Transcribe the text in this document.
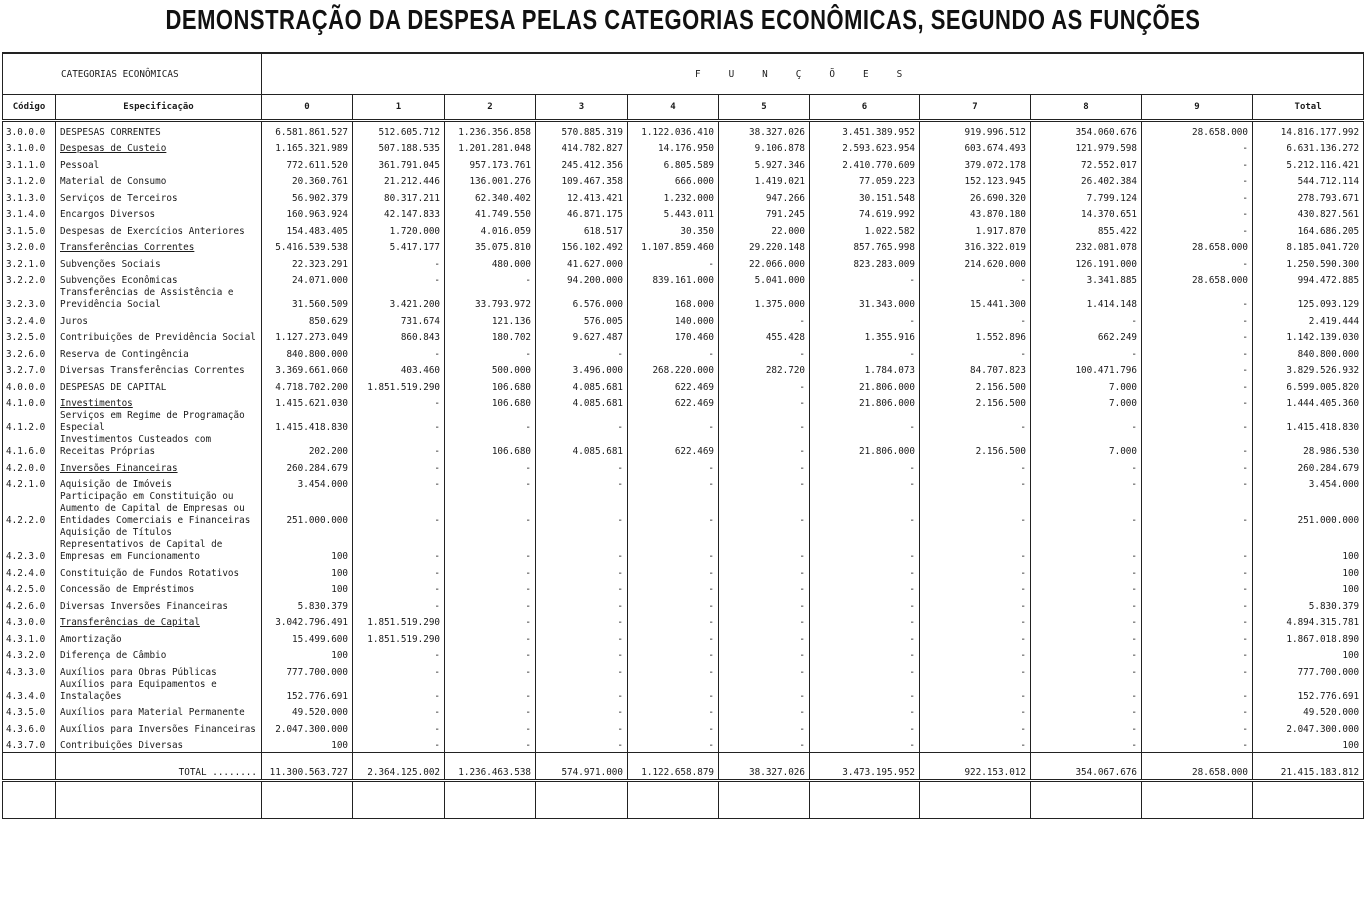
DEMONSTRAÇÃO DA DESPESA PELAS CATEGORIAS ECONÔMICAS, SEGUNDO AS FUNÇÕES
CATEGORIAS ECONÔMICAS		FUNÇÕES										
Código	Especificação	0	1	2	3	4	5	6	7	8	9	Total
3.0.0.0	DESPESAS CORRENTES	6.581.861.527	512.605.712	1.236.356.858	570.885.319	1.122.036.410	38.327.026	3.451.389.952	919.996.512	354.060.676	28.658.000	14.816.177.992
3.1.0.0	Despesas de Custeio	1.165.321.989	507.188.535	1.201.281.048	414.782.827	14.176.950	9.106.878	2.593.623.954	603.674.493	121.979.598	-	6.631.136.272
3.1.1.0	Pessoal	772.611.520	361.791.045	957.173.761	245.412.356	6.805.589	5.927.346	2.410.770.609	379.072.178	72.552.017	-	5.212.116.421
3.1.2.0	Material de Consumo	20.360.761	21.212.446	136.001.276	109.467.358	666.000	1.419.021	77.059.223	152.123.945	26.402.384	-	544.712.114
3.1.3.0	Serviços de Terceiros	56.902.379	80.317.211	62.340.402	12.413.421	1.232.000	947.266	30.151.548	26.690.320	7.799.124	-	278.793.671
3.1.4.0	Encargos Diversos	160.963.924	42.147.833	41.749.550	46.871.175	5.443.011	791.245	74.619.992	43.870.180	14.370.651	-	430.827.561
3.1.5.0	Despesas de Exercícios Anteriores	154.483.405	1.720.000	4.016.059	618.517	30.350	22.000	1.022.582	1.917.870	855.422	-	164.686.205
3.2.0.0	Transferências Correntes	5.416.539.538	5.417.177	35.075.810	156.102.492	1.107.859.460	29.220.148	857.765.998	316.322.019	232.081.078	28.658.000	8.185.041.720
3.2.1.0	Subvenções Sociais	22.323.291	-	480.000	41.627.000	-	22.066.000	823.283.009	214.620.000	126.191.000	-	1.250.590.300
3.2.2.0	Subvenções Econômicas	24.071.000	-	-	94.200.000	839.161.000	5.041.000	-	-	3.341.885	28.658.000	994.472.885
3.2.3.0	Transferências de Assistência e Previdência Social	31.560.509	3.421.200	33.793.972	6.576.000	168.000	1.375.000	31.343.000	15.441.300	1.414.148	-	125.093.129
3.2.4.0	Juros	850.629	731.674	121.136	576.005	140.000	-	-	-	-	-	2.419.444
3.2.5.0	Contribuições de Previdência Social	1.127.273.049	860.843	180.702	9.627.487	170.460	455.428	1.355.916	1.552.896	662.249	-	1.142.139.030
3.2.6.0	Reserva de Contingência	840.800.000	-	-	-	-	-	-	-	-	-	840.800.000
3.2.7.0	Diversas Transferências Correntes	3.369.661.060	403.460	500.000	3.496.000	268.220.000	282.720	1.784.073	84.707.823	100.471.796	-	3.829.526.932
4.0.0.0	DESPESAS DE CAPITAL	4.718.702.200	1.851.519.290	106.680	4.085.681	622.469	-	21.806.000	2.156.500	7.000	-	6.599.005.820
4.1.0.0	Investimentos	1.415.621.030	-	106.680	4.085.681	622.469	-	21.806.000	2.156.500	7.000	-	1.444.405.360
4.1.2.0	Serviços em Regime de Programação Especial	1.415.418.830	-	-	-	-	-	-	-	-	-	1.415.418.830
4.1.6.0	Investimentos Custeados com Receitas Próprias	202.200	-	106.680	4.085.681	622.469	-	21.806.000	2.156.500	7.000	-	28.986.530
4.2.0.0	Inversões Financeiras	260.284.679	-	-	-	-	-	-	-	-	-	260.284.679
4.2.1.0	Aquisição de Imóveis	3.454.000	-	-	-	-	-	-	-	-	-	3.454.000
4.2.2.0	Participação em Constituição ou Aumento de Capital de Empresas ou Entidades Comerciais e Financeiras	251.000.000	-	-	-	-	-	-	-	-	-	251.000.000
4.2.3.0	Aquisição de Títulos Representativos de Capital de Empresas em Funcionamento	100	-	-	-	-	-	-	-	-	-	100
4.2.4.0	Constituição de Fundos Rotativos	100	-	-	-	-	-	-	-	-	-	100
4.2.5.0	Concessão de Empréstimos	100	-	-	-	-	-	-	-	-	-	100
4.2.6.0	Diversas Inversões Financeiras	5.830.379	-	-	-	-	-	-	-	-	-	5.830.379
4.3.0.0	Transferências de Capital	3.042.796.491	1.851.519.290	-	-	-	-	-	-	-	-	4.894.315.781
4.3.1.0	Amortização	15.499.600	1.851.519.290	-	-	-	-	-	-	-	-	1.867.018.890
4.3.2.0	Diferença de Câmbio	100	-	-	-	-	-	-	-	-	-	100
4.3.3.0	Auxílios para Obras Públicas	777.700.000	-	-	-	-	-	-	-	-	-	777.700.000
4.3.4.0	Auxílios para Equipamentos e Instalações	152.776.691	-	-	-	-	-	-	-	-	-	152.776.691
4.3.5.0	Auxílios para Material Permanente	49.520.000	-	-	-	-	-	-	-	-	-	49.520.000
4.3.6.0	Auxílios para Inversões Financeiras	2.047.300.000	-	-	-	-	-	-	-	-	-	2.047.300.000
4.3.7.0	Contribuições Diversas	100	-	-	-	-	-	-	-	-	-	100
	TOTAL ........	11.300.563.727	2.364.125.002	1.236.463.538	574.971.000	1.122.658.879	38.327.026	3.473.195.952	922.153.012	354.067.676	28.658.000	21.415.183.812
